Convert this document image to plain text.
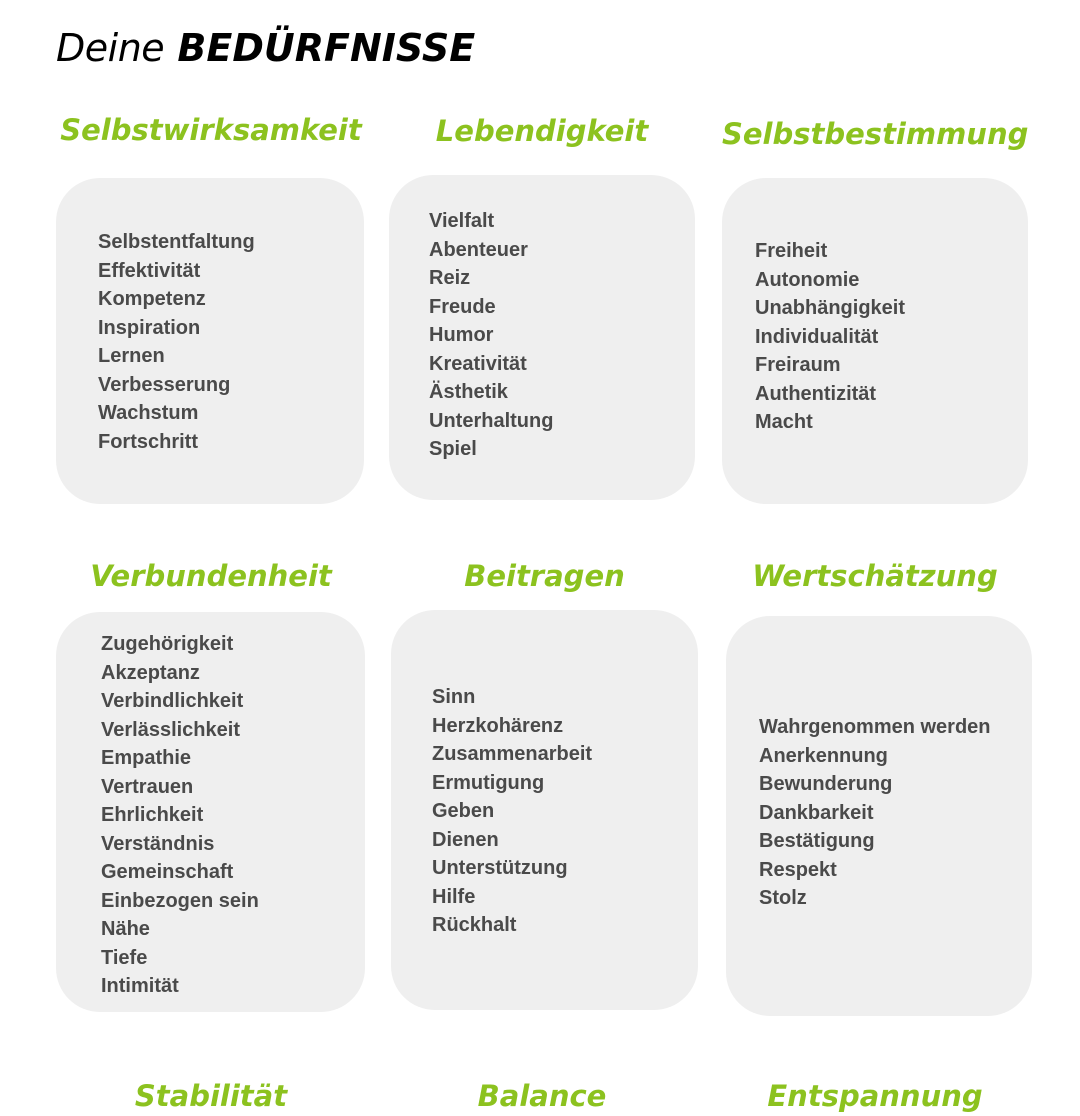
Deine BEDÜRFNISSE
Selbstwirksamkeit
Selbstentfaltung
Effektivität
Kompetenz
Inspiration
Lernen
Verbesserung
Wachstum
Fortschritt
Lebendigkeit
Vielfalt
Abenteuer
Reiz
Freude
Humor
Kreativität
Ästhetik
Unterhaltung
Spiel
Selbstbestimmung
Freiheit
Autonomie
Unabhängigkeit
Individualität
Freiraum
Authentizität
Macht
Verbundenheit
Zugehörigkeit
Akzeptanz
Verbindlichkeit
Verlässlichkeit
Empathie
Vertrauen
Ehrlichkeit
Verständnis
Gemeinschaft
Einbezogen sein
Nähe
Tiefe
Intimität
Beitragen
Sinn
Herzkohärenz
Zusammenarbeit
Ermutigung
Geben
Dienen
Unterstützung
Hilfe
Rückhalt
Wertschätzung
Wahrgenommen werden
Anerkennung
Bewunderung
Dankbarkeit
Bestätigung
Respekt
Stolz
Stabilität	Balance	Entspannung
